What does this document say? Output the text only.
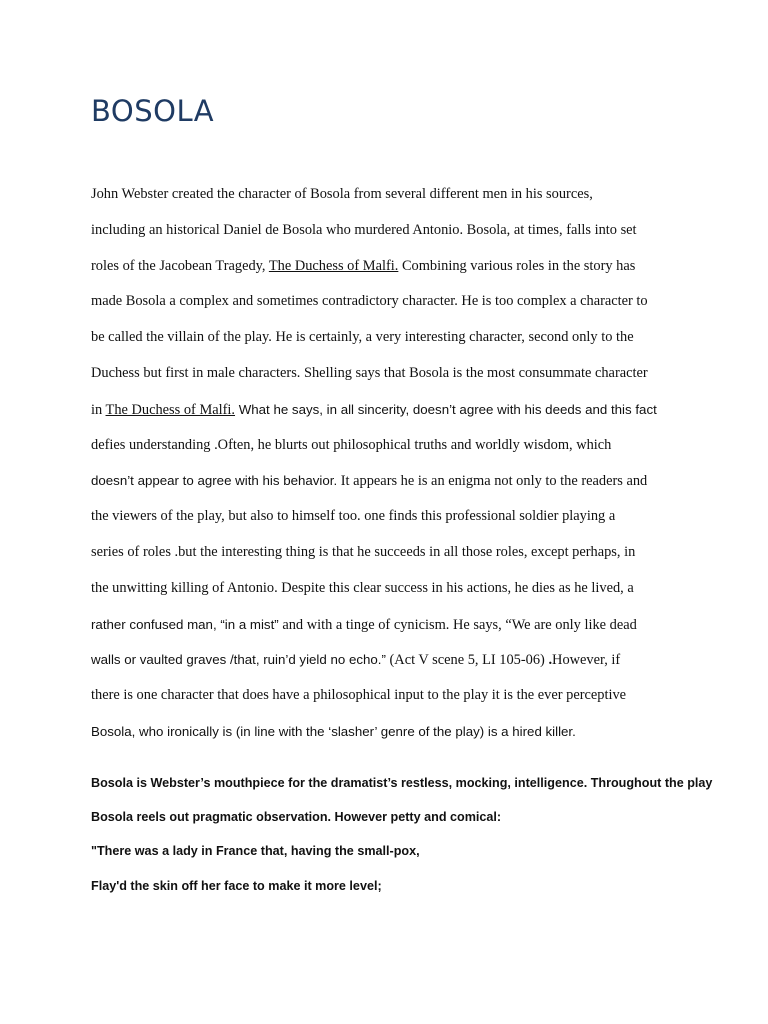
BOSOLA
John Webster created the character of Bosola from several different men in his sources,
including an historical Daniel de Bosola who murdered Antonio. Bosola, at times, falls into set
roles of the Jacobean Tragedy, The Duchess of Malfi. Combining various roles in the story has
made Bosola a complex and sometimes contradictory character. He is too complex a character to
be called the villain of the play. He is certainly, a very interesting character, second only to the
Duchess but first in male characters. Shelling says that Bosola is the most consummate character
in The Duchess of Malfi. What he says, in all sincerity, doesn’t agree with his deeds and this fact
defies understanding .Often, he blurts out philosophical truths and worldly wisdom, which
doesn’t appear to agree with his behavior. It appears he is an enigma not only to the readers and
the viewers of the play, but also to himself too. one finds this professional soldier playing a
series of roles .but the interesting thing is that he succeeds in all those roles, except perhaps, in
the unwitting killing of Antonio. Despite this clear success in his actions, he dies as he lived, a
rather confused man, “in a mist” and with a tinge of cynicism. He says, “We are only like dead
walls or vaulted graves /that, ruin’d yield no echo.” (Act V scene 5, LI 105-06) .However, if
there is one character that does have a philosophical input to the play it is the ever perceptive
Bosola, who ironically is (in line with the ‘slasher’ genre of the play) is a hired killer.
Bosola is Webster’s mouthpiece for the dramatist’s restless, mocking, intelligence. Throughout the play
Bosola reels out pragmatic observation. However petty and comical:
"There was a lady in France that, having the small-pox,
Flay'd the skin off her face to make it more level;
